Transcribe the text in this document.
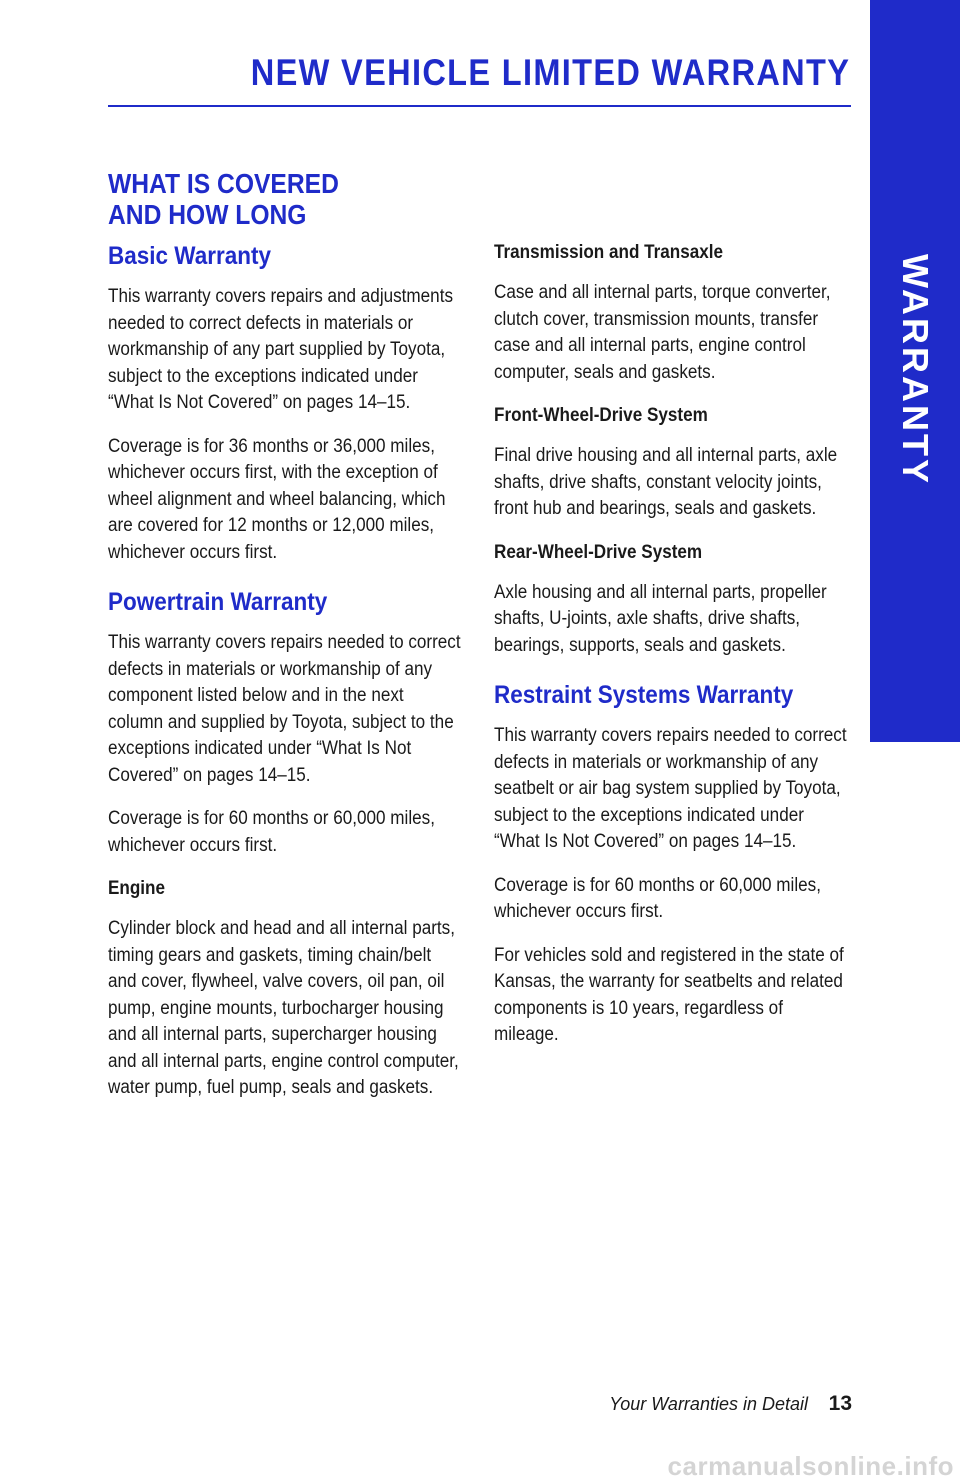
WARRANTY
NEW VEHICLE LIMITED WARRANTY
WHAT IS COVERED
AND HOW LONG
Basic Warranty

This warranty covers repairs and adjustments needed to correct defects in materials or workmanship of any part supplied by Toyota, subject to the exceptions indicated under “What Is Not Covered” on pages 14–15.

Coverage is for 36 months or 36,000 miles, whichever occurs first, with the exception of wheel alignment and wheel balancing, which are covered for 12 months or 12,000 miles, whichever occurs first.

Powertrain Warranty

This warranty covers repairs needed to correct defects in materials or workmanship of any component listed below and in the next column and supplied by Toyota, subject to the exceptions indicated under “What Is Not Covered” on pages 14–15.

Coverage is for 60 months or 60,000 miles, whichever occurs first.

Engine

Cylinder block and head and all internal parts, timing gears and gaskets, timing chain/belt and cover, flywheel, valve covers, oil pan, oil pump, engine mounts, turbocharger housing and all internal parts, supercharger housing and all internal parts, engine control computer, water pump, fuel pump, seals and gaskets.

Transmission and Transaxle

Case and all internal parts, torque converter, clutch cover, transmission mounts, transfer case and all internal parts, engine control computer, seals and gaskets.

Front-Wheel-Drive System

Final drive housing and all internal parts, axle shafts, drive shafts, constant velocity joints, front hub and bearings, seals and gaskets.

Rear-Wheel-Drive System

Axle housing and all internal parts, propeller shafts, U-joints, axle shafts, drive shafts, bearings, supports, seals and gaskets.

Restraint Systems Warranty

This warranty covers repairs needed to correct defects in materials or workmanship of any seatbelt or air bag system supplied by Toyota, subject to the exceptions indicated under “What Is Not Covered” on pages 14–15.

Coverage is for 60 months or 60,000 miles, whichever occurs first.

For vehicles sold and registered in the state of Kansas, the warranty for seatbelts and related components is 10 years, regardless of mileage.

Your Warranties in Detail 13
carmanualsonline.info
